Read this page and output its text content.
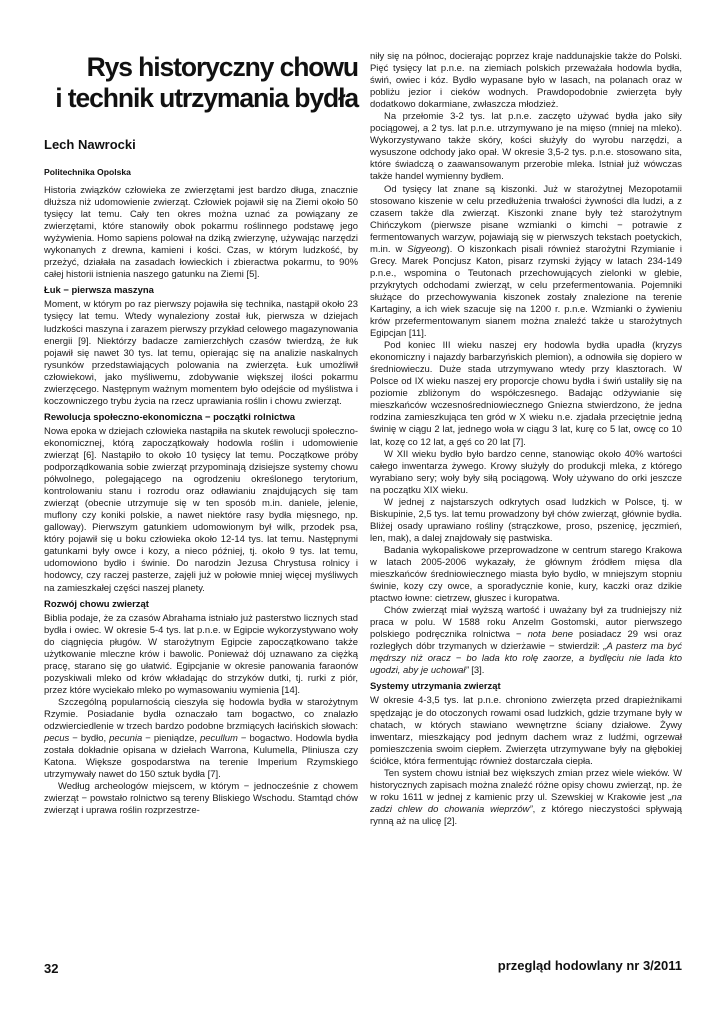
Rys historyczny chowu
i technik utrzymania bydła
Lech Nawrocki
Politechnika Opolska

Historia związków człowieka ze zwierzętami jest bardzo długa, znacznie dłuższa niż udomowienie zwierząt. Człowiek pojawił się na Ziemi około 50 tysięcy lat temu. Cały ten okres można uznać za powiązany ze zwierzętami, które stanowiły obok pokarmu roślinnego podstawę jego wyżywienia. Homo sapiens polował na dziką zwierzynę, używając narzędzi wykonanych z drewna, kamieni i kości. Czas, w którym ludzkość, by przeżyć, działała na zasadach łowieckich i zbieractwa pokarmu, to 90% całej historii istnienia naszego gatunku na Ziemi [5].

Łuk − pierwsza maszyna

Moment, w którym po raz pierwszy pojawiła się technika, nastąpił około 23 tysięcy lat temu. Wtedy wynaleziony został łuk, pierwsza w dziejach ludzkości maszyna i zarazem pierwszy przykład celowego magazynowania energii [9]. Niektórzy badacze zamierzchłych czasów twierdzą, że łuk pojawił się nawet 30 tys. lat temu, opierając się na analizie naskalnych rysunków przedstawiających polowania na zwierzęta. Łuk umożliwił człowiekowi, jako myśliwemu, zdobywanie większej ilości pokarmu zwierzęcego. Następnym ważnym momentem było odejście od myślistwa i koczowniczego trybu życia na rzecz uprawiania roślin i chowu zwierząt.

Rewolucja społeczno-ekonomiczna − początki rolnictwa

Nowa epoka w dziejach człowieka nastąpiła na skutek rewolucji społeczno-ekonomicznej, którą zapoczątkowały hodowla roślin i udomowienie zwierząt [6]. Nastąpiło to około 10 tysięcy lat temu. Początkowe próby podporządkowania sobie zwierząt przypominają dzisiejsze systemy chowu półwolnego, polegającego na ogrodzeniu określonego terytorium, kontrolowaniu stanu i rozrodu oraz odławianiu znajdujących się tam zwierząt (obecnie utrzymuje się w ten sposób m.in. daniele, jelenie, muflony czy koniki polskie, a nawet niektóre rasy bydła mięsnego, np. galloway). Pierwszym gatunkiem udomowionym był wilk, przodek psa, który pojawił się u boku człowieka około 12-14 tys. lat temu. Następnymi gatunkami były owce i kozy, a nieco później, tj. około 9 tys. lat temu, udomowiono bydło i świnie. Do narodzin Jezusa Chrystusa rolnicy i hodowcy, czy raczej pasterze, zajęli już w połowie mniej więcej myśliwych na zamieszkałej części naszej planety.

Rozwój chowu zwierząt

Biblia podaje, że za czasów Abrahama istniało już pasterstwo licznych stad bydła i owiec. W okresie 5-4 tys. lat p.n.e. w Egipcie wykorzystywano woły do ciągnięcia pługów. W starożytnym Egipcie zapoczątkowano także użytkowanie mleczne krów i bawolic. Ponieważ dój uznawano za ciężką pracę, starano się go ułatwić. Egipcjanie w okresie panowania faraonów pozyskiwali mleko od krów wkładając do strzyków dutki, tj. rurki z piór, przez które wyciekało mleko po wymasowaniu wymienia [14].

Szczególną popularnością cieszyła się hodowla bydła w starożytnym Rzymie. Posiadanie bydła oznaczało tam bogactwo, co znalazło odzwierciedlenie w trzech bardzo podobne brzmiących łacińskich słowach: pecus − bydło, pecunia − pieniądze, pecullum − bogactwo. Hodowla bydła została dokładnie opisana w dziełach Warrona, Kulumella, Pliniusza czy Katona. Większe gospodarstwa na terenie Imperium Rzymskiego utrzymywały nawet do 150 sztuk bydła [7].

Według archeologów miejscem, w którym − jednocześnie z chowem zwierząt − powstało rolnictwo są tereny Bliskiego Wschodu. Stamtąd chów zwierząt i uprawa roślin rozprzestrze-

niły się na północ, docierając poprzez kraje naddunajskie także do Polski. Pięć tysięcy lat p.n.e. na ziemiach polskich przeważała hodowla bydła, świń, owiec i kóz. Bydło wypasane było w lasach, na polanach oraz w pobliżu jezior i cieków wodnych. Prawdopodobnie zwierzęta były dodatkowo dokarmiane, zwłaszcza młodzież.

Na przełomie 3-2 tys. lat p.n.e. zaczęto używać bydła jako siły pociągowej, a 2 tys. lat p.n.e. utrzymywano je na mięso (mniej na mleko). Wykorzystywano także skóry, kości służyły do wyrobu narzędzi, a wysuszone odchody jako opał. W okresie 3,5-2 tys. p.n.e. stosowano sita, które świadczą o zaawansowanym przerobie mleka. Istniał już wówczas także handel wymienny bydłem.

Od tysięcy lat znane są kiszonki. Już w starożytnej Mezopotamii stosowano kiszenie w celu przedłużenia trwałości żywności dla ludzi, a z czasem także dla zwierząt. Kiszonki znane były też starożytnym Chińczykom (pierwsze pisane wzmianki o kimchi − potrawie z fermentowanych warzyw, pojawiają się w pierwszych tekstach poetyckich, m.in. w Sigyeong). O kiszonkach pisali również starożytni Rzymianie i Grecy. Marek Poncjusz Katon, pisarz rzymski żyjący w latach 234-149 p.n.e., wspomina o Teutonach przechowujących zielonki w glebie, przykrytych odchodami zwierząt, w celu przefermentowania. Pojemniki służące do przechowywania kiszonek zostały znalezione na terenie Kartaginy, a ich wiek szacuje się na 1200 r. p.n.e. Wzmianki o żywieniu krów przefermentowanym sianem można znaleźć także u starożytnych Egipcjan [11].

Pod koniec III wieku naszej ery hodowla bydła upadła (kryzys ekonomiczny i najazdy barbarzyńskich plemion), a odnowiła się dopiero w średniowieczu. Duże stada utrzymywano wtedy przy klasztorach. W Polsce od IX wieku naszej ery proporcje chowu bydła i świń ustaliły się na poziomie zbliżonym do współczesnego. Badając odżywianie się mieszkańców wczesnośredniowiecznego Gniezna stwierdzono, że jedna rodzina zamieszkująca ten gród w X wieku n.e. zjadała przeciętnie jedną świnię w ciągu 2 lat, jednego woła w ciągu 3 lat, kurę co 5 lat, owcę co 10 lat, kozę co 12 lat, a gęś co 20 lat [7].

W XII wieku bydło było bardzo cenne, stanowiąc około 40% wartości całego inwentarza żywego. Krowy służyły do produkcji mleka, z którego wyrabiano sery; woły były siłą pociągową. Woły używano do orki jeszcze na początku XIX wieku.

W jednej z najstarszych odkrytych osad ludzkich w Polsce, tj. w Biskupinie, 2,5 tys. lat temu prowadzony był chów zwierząt, głównie bydła. Bliżej osady uprawiano rośliny (strączkowe, proso, pszenicę, jęczmień, len, mak), a dalej znajdowały się pastwiska.

Badania wykopaliskowe przeprowadzone w centrum starego Krakowa w latach 2005-2006 wykazały, że głównym źródłem mięsa dla mieszkańców średniowiecznego miasta było bydło, w mniejszym stopniu świnie, kozy czy owce, a sporadycznie konie, kury, kaczki oraz dzikie ptactwo łowne: cietrzew, głuszec i kuropatwa.

Chów zwierząt miał wyższą wartość i uważany był za trudniejszy niż praca w polu. W 1588 roku Anzelm Gostomski, autor pierwszego polskiego podręcznika rolnictwa − nota bene posiadacz 29 wsi oraz rozległych dóbr trzymanych w dzierżawie − stwierdził: „A pasterz ma być mędrszy niż oracz − bo lada kto rolę zaorze, a bydlęciu nie lada kto ugodzi, aby je uchował” [3].

Systemy utrzymania zwierząt

W okresie 4-3,5 tys. lat p.n.e. chroniono zwierzęta przed drapieżnikami spędzając je do otoczonych rowami osad ludzkich, gdzie trzymane były w chatach, w których stawiano wewnętrzne ściany działowe. Żywy inwentarz, mieszkający pod jednym dachem wraz z ludźmi, ogrzewał pomieszczenia swoim ciepłem. Zwierzęta utrzymywane były na głębokiej ściółce, która fermentując również dostarczała ciepła.

Ten system chowu istniał bez większych zmian przez wiele wieków. W historycznych zapisach można znaleźć różne opisy chowu zwierząt, np. że w roku 1611 w jednej z kamienic przy ul. Szewskiej w Krakowie jest „na zadzi chlew do chowania wieprzów”, z którego nieczystości spływają rynną aż na ulicę [2].

32	przegląd hodowlany nr 3/2011
